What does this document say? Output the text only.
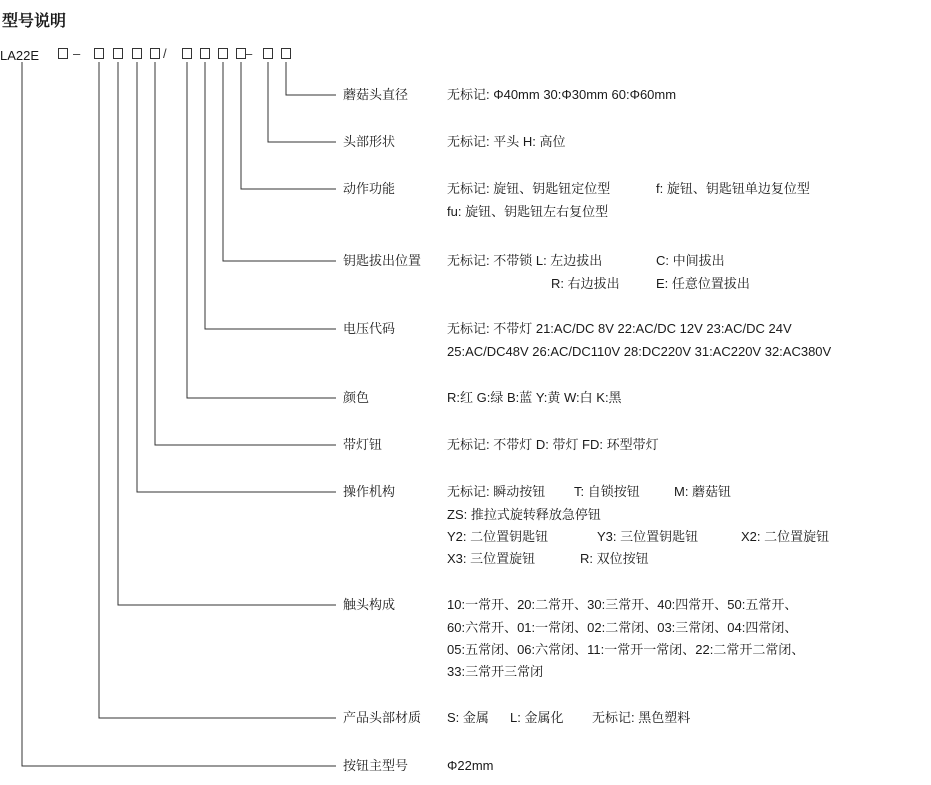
型号说明
LA22E	–	/	–
蘑菇头直径	无标记: Φ40mm 30:Φ30mm 60:Φ60mm
头部形状	无标记: 平头 H: 高位
动作功能	无标记: 旋钮、钥匙钮定位型	f: 旋钮、钥匙钮单边复位型
fu: 旋钮、钥匙钮左右复位型
钥匙拔出位置 无标记: 不带锁 L: 左边拔出	C: 中间拔出
R: 右边拔出	E: 任意位置拔出
电压代码	无标记: 不带灯 21:AC/DC 8V 22:AC/DC 12V 23:AC/DC 24V
25:AC/DC48V 26:AC/DC110V 28:DC220V 31:AC220V 32:AC380V
颜色	R:红 G:绿 B:蓝 Y:黄 W:白 K:黑
带灯钮	无标记: 不带灯 D: 带灯 FD: 环型带灯
操作机构	无标记: 瞬动按钮 T: 自锁按钮	M: 蘑菇钮
ZS: 推拉式旋转释放急停钮
Y2: 二位置钥匙钮	Y3: 三位置钥匙钮	X2: 二位置旋钮
X3: 三位置旋钮	R: 双位按钮
触头构成	10:一常开、20:二常开、30:三常开、40:四常开、50:五常开、
60:六常开、01:一常闭、02:二常闭、03:三常闭、04:四常闭、
05:五常闭、06:六常闭、11:一常开一常闭、22:二常开二常闭、
33:三常开三常闭
产品头部材质 S: 金属 L: 金属化 无标记: 黑色塑料
按钮主型号	Φ22mm
